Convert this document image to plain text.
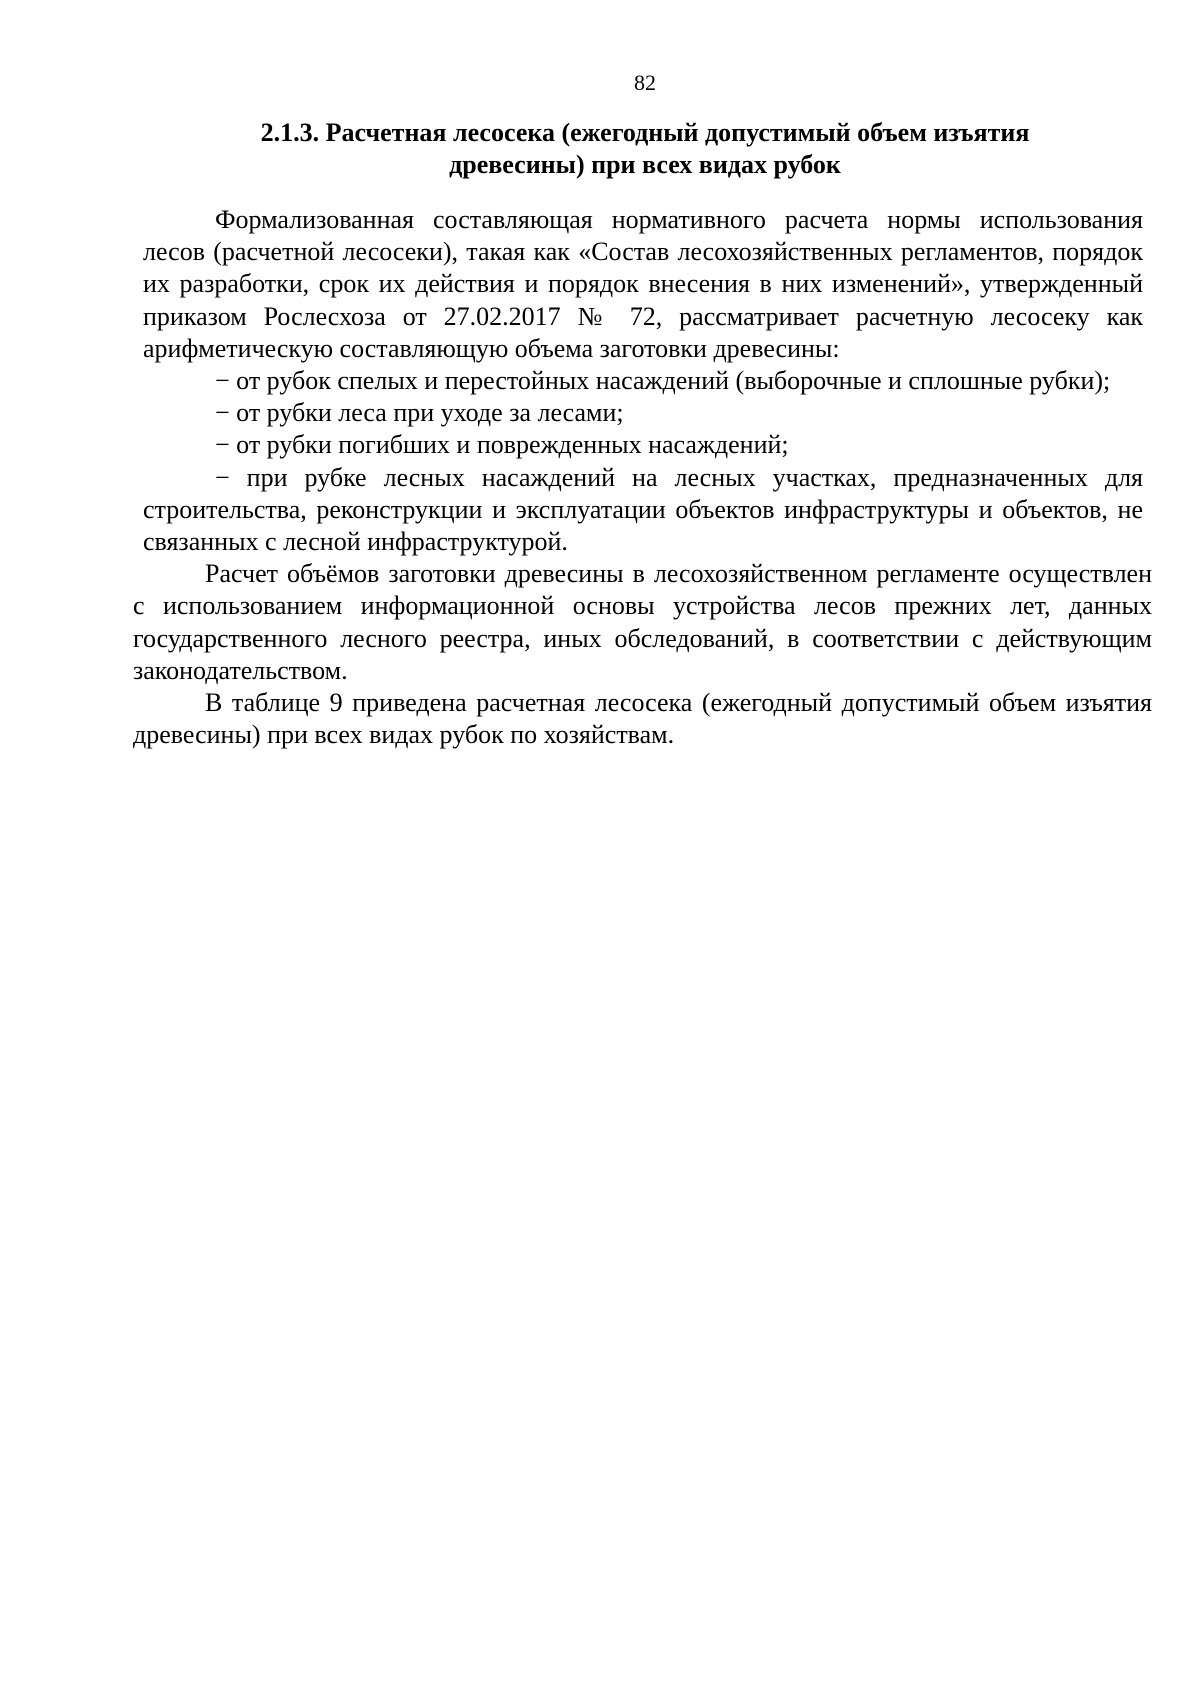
82
2.1.3. Расчетная лесосека (ежегодный допустимый объем изъятия
древесины) при всех видах рубок

Формализованная составляющая нормативного расчета нормы использования лесов (расчетной лесосеки), такая как «Состав лесохозяйственных регламентов, порядок их разработки, срок их действия и порядок внесения в них изменений», утвержденный приказом Рослесхоза от 27.02.2017 № 72, рассматривает расчетную лесосеку как арифметическую составляющую объема заготовки древесины:

− от рубок спелых и перестойных насаждений (выборочные и сплошные рубки);

− от рубки леса при уходе за лесами;

− от рубки погибших и поврежденных насаждений;

− при рубке лесных насаждений на лесных участках, предназначенных для строительства, реконструкции и эксплуатации объектов инфраструктуры и объектов, не связанных с лесной инфраструктурой.

Расчет объёмов заготовки древесины в лесохозяйственном регламенте осуществлен с использованием информационной основы устройства лесов прежних лет, данных государственного лесного реестра, иных обследований, в соответствии с действующим законодательством.

В таблице 9 приведена расчетная лесосека (ежегодный допустимый объем изъятия древесины) при всех видах рубок по хозяйствам.
